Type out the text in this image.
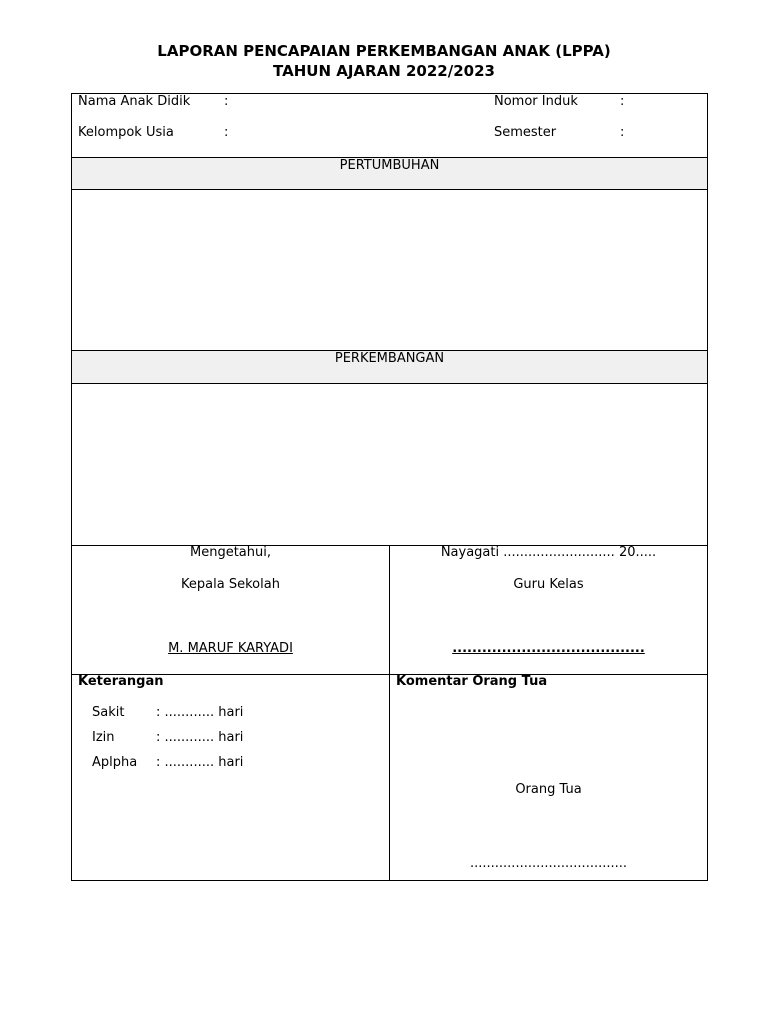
LAPORAN PENCAPAIAN PERKEMBANGAN ANAK (LPPA)
TAHUN AJARAN 2022/2023
Nama Anak Didik	:
Kelompok Usia	:
Nomor Induk	:
Semester	:
PERTUMBUHAN
PERKEMBANGAN
Mengetahui,
Kepala Sekolah
M. MARUF KARYADI
Nayagati ........................... 20.....
Guru Kelas
.......................................
Keterangan
Sakit : ............ hari
Izin	: ............ hari
Aplpha : ............ hari
Komentar Orang Tua
Orang Tua
......................................
